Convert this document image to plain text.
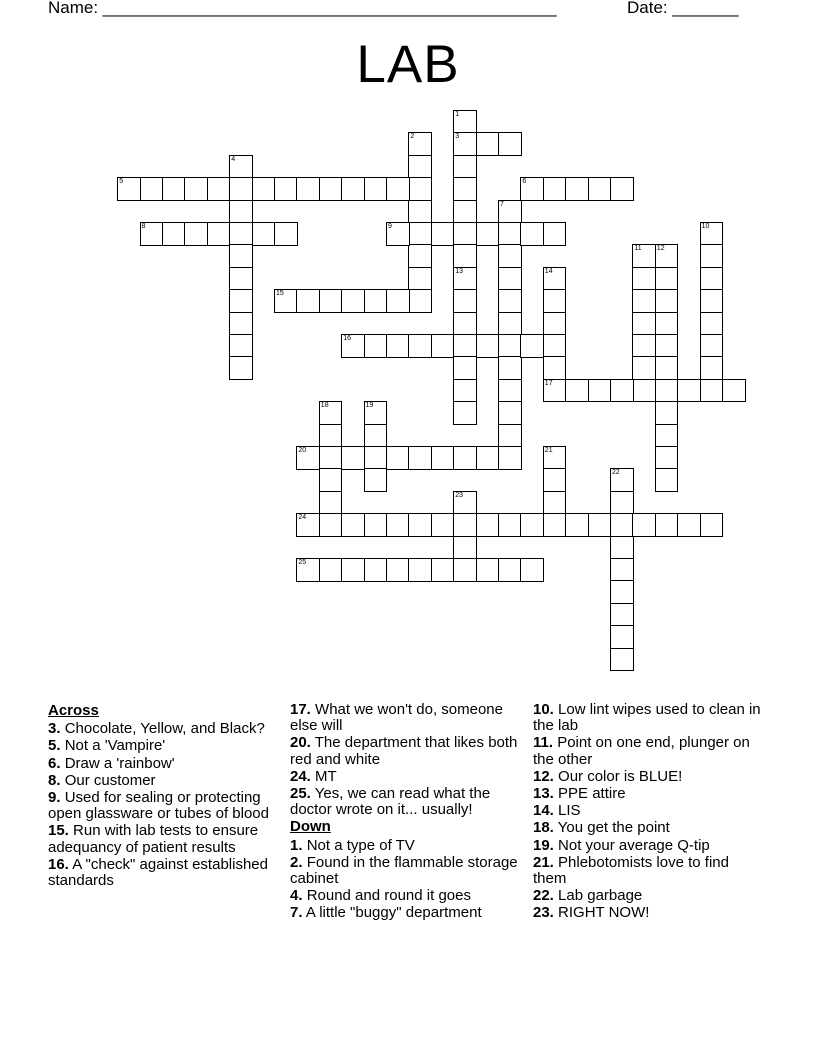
Name: ________________________________________________	Date: _______
LAB
1
3
13
2
4
5	6
7
8	9	10
11 12
14
17
15
16
18	19
20	21
22
23
24
25
Across
3. Chocolate, Yellow, and Black?
5. Not a 'Vampire'
6. Draw a 'rainbow'
8. Our customer
9. Used for sealing or protecting open glassware or tubes of blood
15. Run with lab tests to ensure adequancy of patient results
16. A "check" against established standards
17. What we won't do, someone else will
20. The department that likes both red and white
24. MT
25. Yes, we can read what the doctor wrote on it... usually!
Down
1. Not a type of TV
2. Found in the flammable storage cabinet
4. Round and round it goes
7. A little "buggy" department
10. Low lint wipes used to clean in the lab
11. Point on one end, plunger on the other
12. Our color is BLUE!
13. PPE attire
14. LIS
18. You get the point
19. Not your average Q-tip
21. Phlebotomists love to find them
22. Lab garbage
23. RIGHT NOW!
